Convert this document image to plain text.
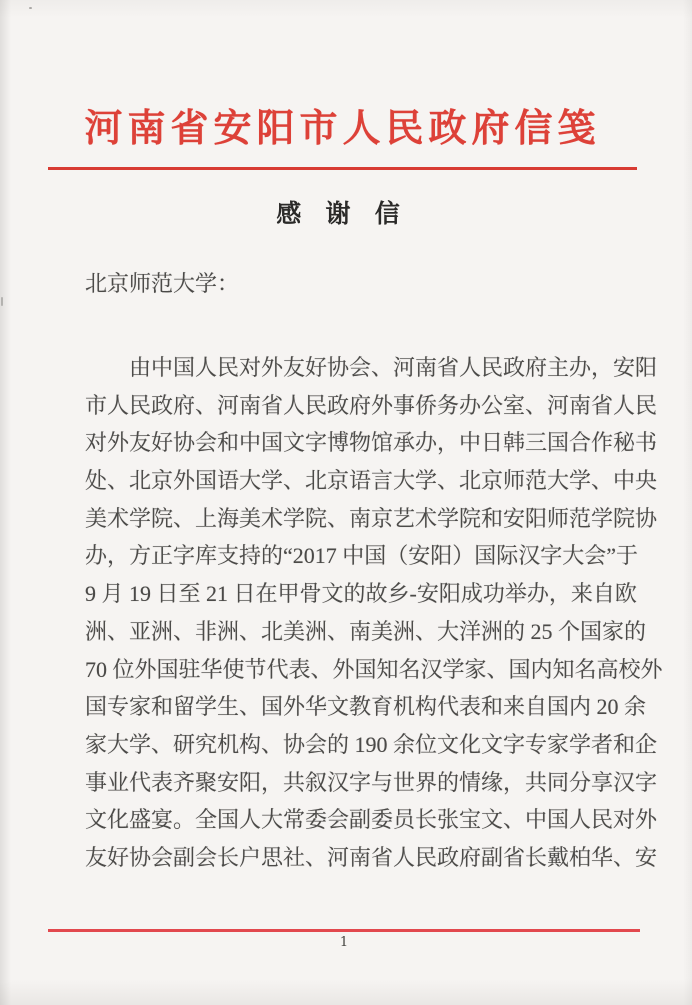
河南省安阳市人民政府信笺
感 谢 信
北京师范大学：
由中国人民对外友好协会、河南省人民政府主办，安阳
市人民政府、河南省人民政府外事侨务办公室、河南省人民
对外友好协会和中国文字博物馆承办，中日韩三国合作秘书
处、北京外国语大学、北京语言大学、北京师范大学、中央
美术学院、上海美术学院、南京艺术学院和安阳师范学院协
办，方正字库支持的“2017 中国（安阳）国际汉字大会”于
9 月 19 日至 21 日在甲骨文的故乡-安阳成功举办，来自欧
洲、亚洲、非洲、北美洲、南美洲、大洋洲的 25 个国家的
70 位外国驻华使节代表、外国知名汉学家、国内知名高校外
国专家和留学生、国外华文教育机构代表和来自国内 20 余
家大学、研究机构、协会的 190 余位文化文字专家学者和企
事业代表齐聚安阳，共叙汉字与世界的情缘，共同分享汉字
文化盛宴。全国人大常委会副委员长张宝文、中国人民对外
友好协会副会长户思社、河南省人民政府副省长戴柏华、安
1
